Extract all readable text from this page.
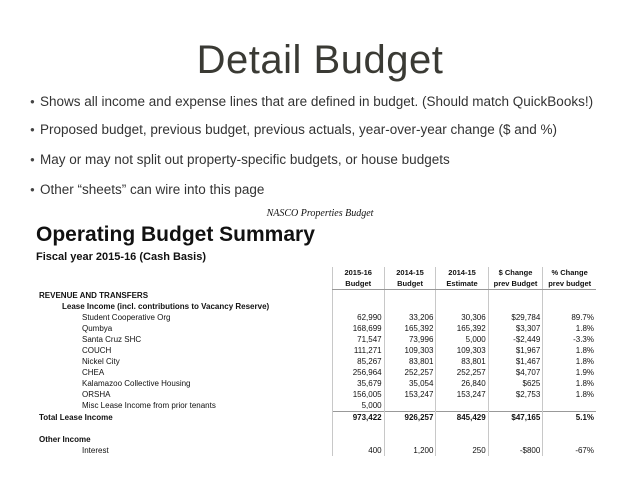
Detail Budget
● Shows all income and expense lines that are defined in budget. (Should match QuickBooks!)
● Proposed budget, previous budget, previous actuals, year-over-year change ($ and %)
● May or may not split out property-specific budgets, or house budgets
● Other “sheets” can wire into this page
NASCO Properties Budget
Operating Budget Summary
Fiscal year 2015-16 (Cash Basis)
	2015-16	2014-15	2014-15	$ Change	% Change
	Budget	Budget	Estimate	prev Budget	prev budget
REVENUE AND TRANSFERS					
Lease Income (incl. contributions to Vacancy Reserve)					
Student Cooperative Org	62,990	33,206	30,306	$29,784	89.7%
Qumbya	168,699	165,392	165,392	$3,307	1.8%
Santa Cruz SHC	71,547	73,996	5,000	-$2,449	-3.3%
COUCH	111,271	109,303	109,303	$1,967	1.8%
Nickel City	85,267	83,801	83,801	$1,467	1.8%
CHEA	256,964	252,257	252,257	$4,707	1.9%
Kalamazoo Collective Housing	35,679	35,054	26,840	$625	1.8%
ORSHA	156,005	153,247	153,247	$2,753	1.8%
Misc Lease Income from prior tenants	5,000				
Total Lease Income	973,422	926,257	845,429	$47,165	5.1%

Other Income					
Interest	400	1,200	250	-$800	-67%
